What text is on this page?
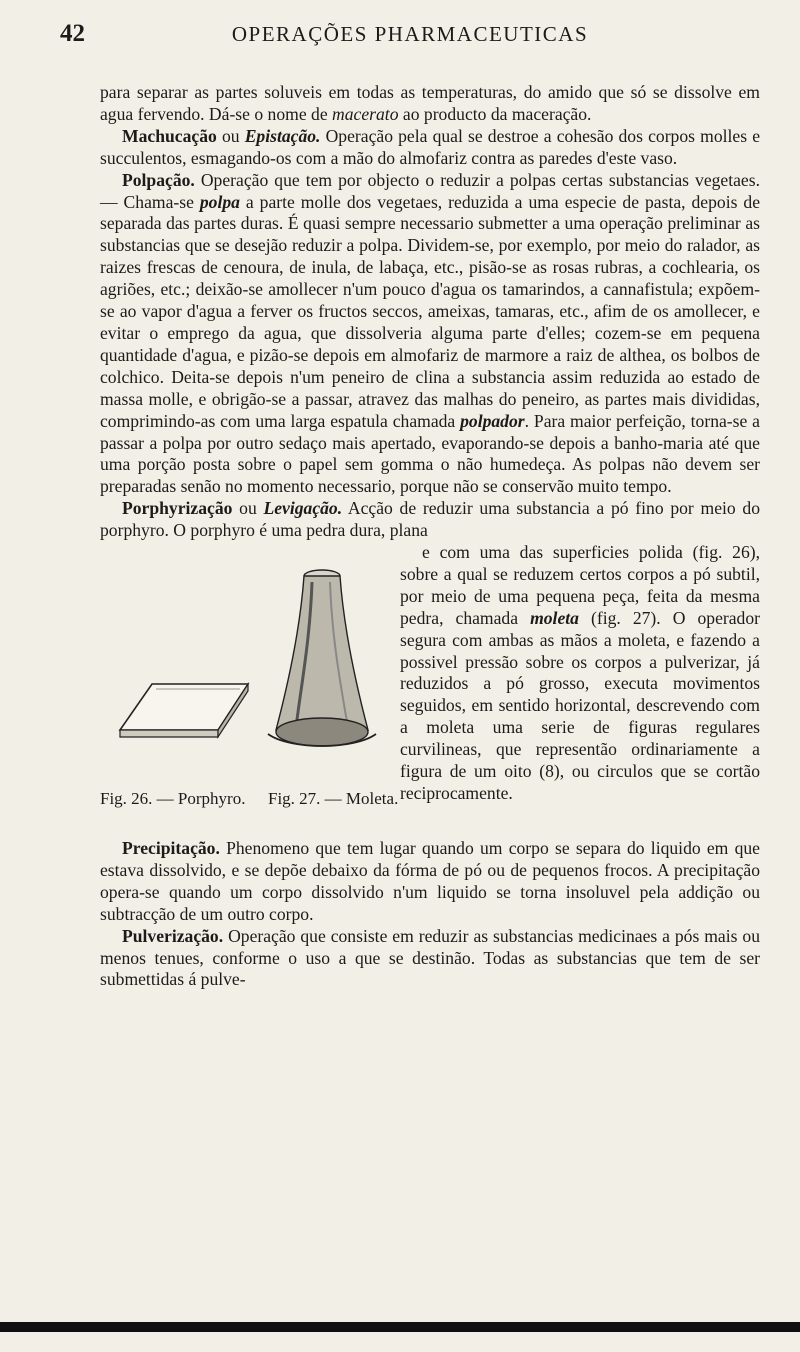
42	OPERAÇÕES PHARMACEUTICAS

para separar as partes soluveis em todas as temperaturas, do amido que só se dissolve em agua fervendo. Dá-se o nome de macerato ao producto da maceração.

Machucação ou Epistação. Operação pela qual se destroe a cohesão dos corpos molles e succulentos, esmagando-os com a mão do almofariz contra as paredes d'este vaso.

Polpação. Operação que tem por objecto o reduzir a polpas certas substancias vegetaes. — Chama-se polpa a parte molle dos vegetaes, reduzida a uma especie de pasta, depois de separada das partes duras. É quasi sempre necessario submetter a uma operação preliminar as substancias que se desejão reduzir a polpa. Dividem-se, por exemplo, por meio do ralador, as raizes frescas de cenoura, de inula, de labaça, etc., pisão-se as rosas rubras, a cochlearia, os agriões, etc.; deixão-se amollecer n'um pouco d'agua os tamarindos, a cannafistula; expõem-se ao vapor d'agua a ferver os fructos seccos, ameixas, tamaras, etc., afim de os amollecer, e evitar o emprego da agua, que dissolveria alguma parte d'elles; cozem-se em pequena quantidade d'agua, e pizão-se depois em almofariz de marmore a raiz de althea, os bolbos de colchico. Deita-se depois n'um peneiro de clina a substancia assim reduzida ao estado de massa molle, e obrigão-se a passar, atravez das malhas do peneiro, as partes mais divididas, comprimindo-as com uma larga espatula chamada polpador. Para maior perfeição, torna-se a passar a polpa por outro sedaço mais apertado, evaporando-se depois a banho-maria até que uma porção posta sobre o papel sem gomma o não humedeça. As polpas não devem ser preparadas senão no momento necessario, porque não se conservão muito tempo.

Porphyrização ou Levigação. Acção de reduzir uma substancia a pó fino por meio do porphyro. O porphyro é uma pedra dura, plana

Fig. 26. — Porphyro. Fig. 27. — Moleta.

e com uma das superficies polida (fig. 26), sobre a qual se reduzem certos corpos a pó subtil, por meio de uma pequena peça, feita da mesma pedra, chamada moleta (fig. 27). O operador segura com ambas as mãos a moleta, e fazendo a possivel pressão sobre os corpos a pulverizar, já reduzidos a pó grosso, executa movimentos seguidos, em sentido horizontal, descrevendo com a moleta uma serie de figuras regulares curvilineas, que representão ordinariamente a figura de um oito (8), ou circulos que se cortão reciprocamente.

Precipitação. Phenomeno que tem lugar quando um corpo se separa do liquido em que estava dissolvido, e se depõe debaixo da fórma de pó ou de pequenos frocos. A precipitação opera-se quando um corpo dissolvido n'um liquido se torna insoluvel pela addição ou subtracção de um outro corpo.

Pulverização. Operação que consiste em reduzir as substancias medicinaes a pós mais ou menos tenues, conforme o uso a que se destinão. Todas as substancias que tem de ser submettidas á pulve-
